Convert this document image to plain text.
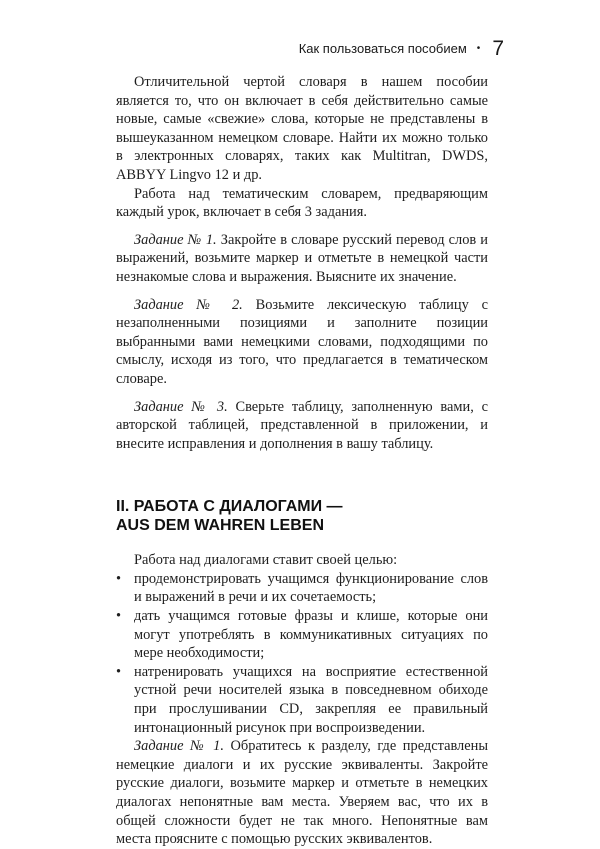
Как пользоваться пособием • 7

Отличительной чертой словаря в нашем пособии является то, что он включает в себя действительно самые новые, самые «свежие» слова, которые не представлены в вышеуказанном немецком словаре. Найти их можно только в электронных словарях, таких как Multitran, DWDS, ABBYY Lingvo 12 и др.

Работа над тематическим словарем, предваряющим каждый урок, включает в себя 3 задания.

Задание № 1. Закройте в словаре русский перевод слов и выражений, возьмите маркер и отметьте в немецкой части незнакомые слова и выражения. Выясните их значение.

Задание № 2. Возьмите лексическую таблицу с незаполненными позициями и заполните позиции выбранными вами немецкими словами, подходящими по смыслу, исходя из того, что предлагается в тематическом словаре.

Задание № 3. Сверьте таблицу, заполненную вами, с авторской таблицей, представленной в приложении, и внесите исправления и дополнения в вашу таблицу.

II. РАБОТА С ДИАЛОГАМИ —
AUS DEM WAHREN LEBEN

Работа над диалогами ставит своей целью:

• продемонстрировать учащимся функционирование слов и выражений в речи и их сочетаемость;
• дать учащимся готовые фразы и клише, которые они могут употреблять в коммуникативных ситуациях по мере необходимости;
• натренировать учащихся на восприятие естественной устной речи носителей языка в повседневном обиходе при прослушивании CD, закрепляя ее правильный интонационный рисунок при воспроизведении.

Задание № 1. Обратитесь к разделу, где представлены немецкие диалоги и их русские эквиваленты. Закройте русские диалоги, возьмите маркер и отметьте в немецких диалогах непонятные вам места. Уверяем вас, что их в общей сложности будет не так много. Непонятные вам места проясните с помощью русских эквивалентов.
